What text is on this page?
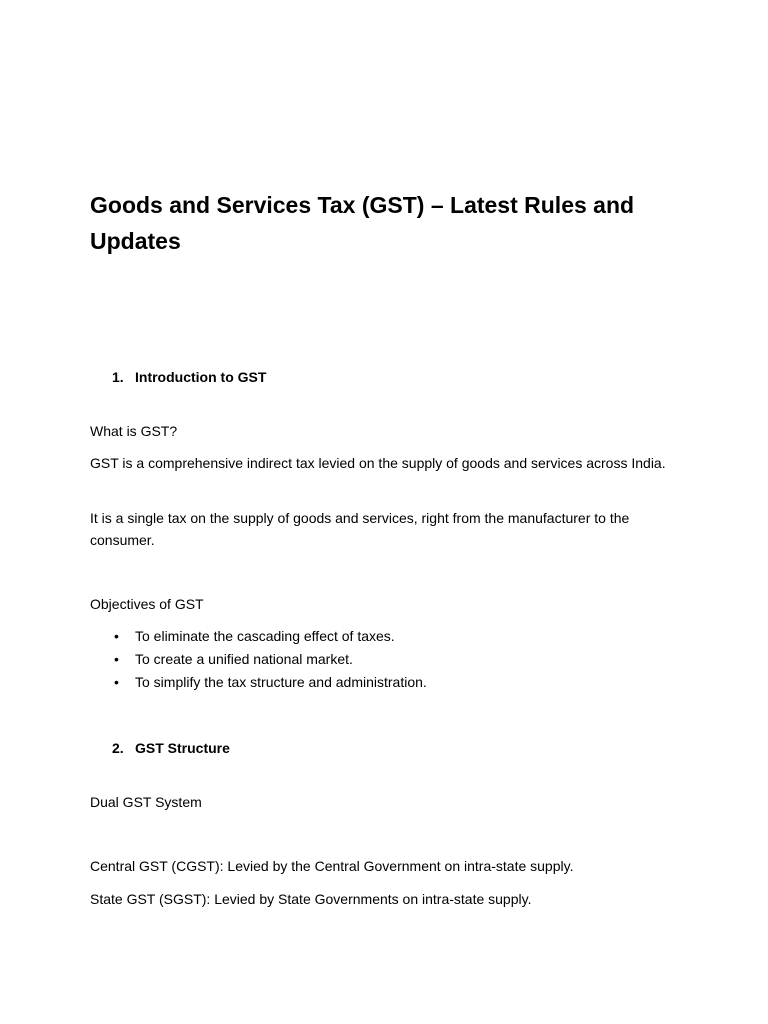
Goods and Services Tax (GST) – Latest Rules and Updates
1. Introduction to GST

What is GST?

GST is a comprehensive indirect tax levied on the supply of goods and services across India.

It is a single tax on the supply of goods and services, right from the manufacturer to the consumer.

Objectives of GST

• To eliminate the cascading effect of taxes.
• To create a unified national market.
• To simplify the tax structure and administration.
2. GST Structure

Dual GST System

Central GST (CGST): Levied by the Central Government on intra-state supply.

State GST (SGST): Levied by State Governments on intra-state supply.
